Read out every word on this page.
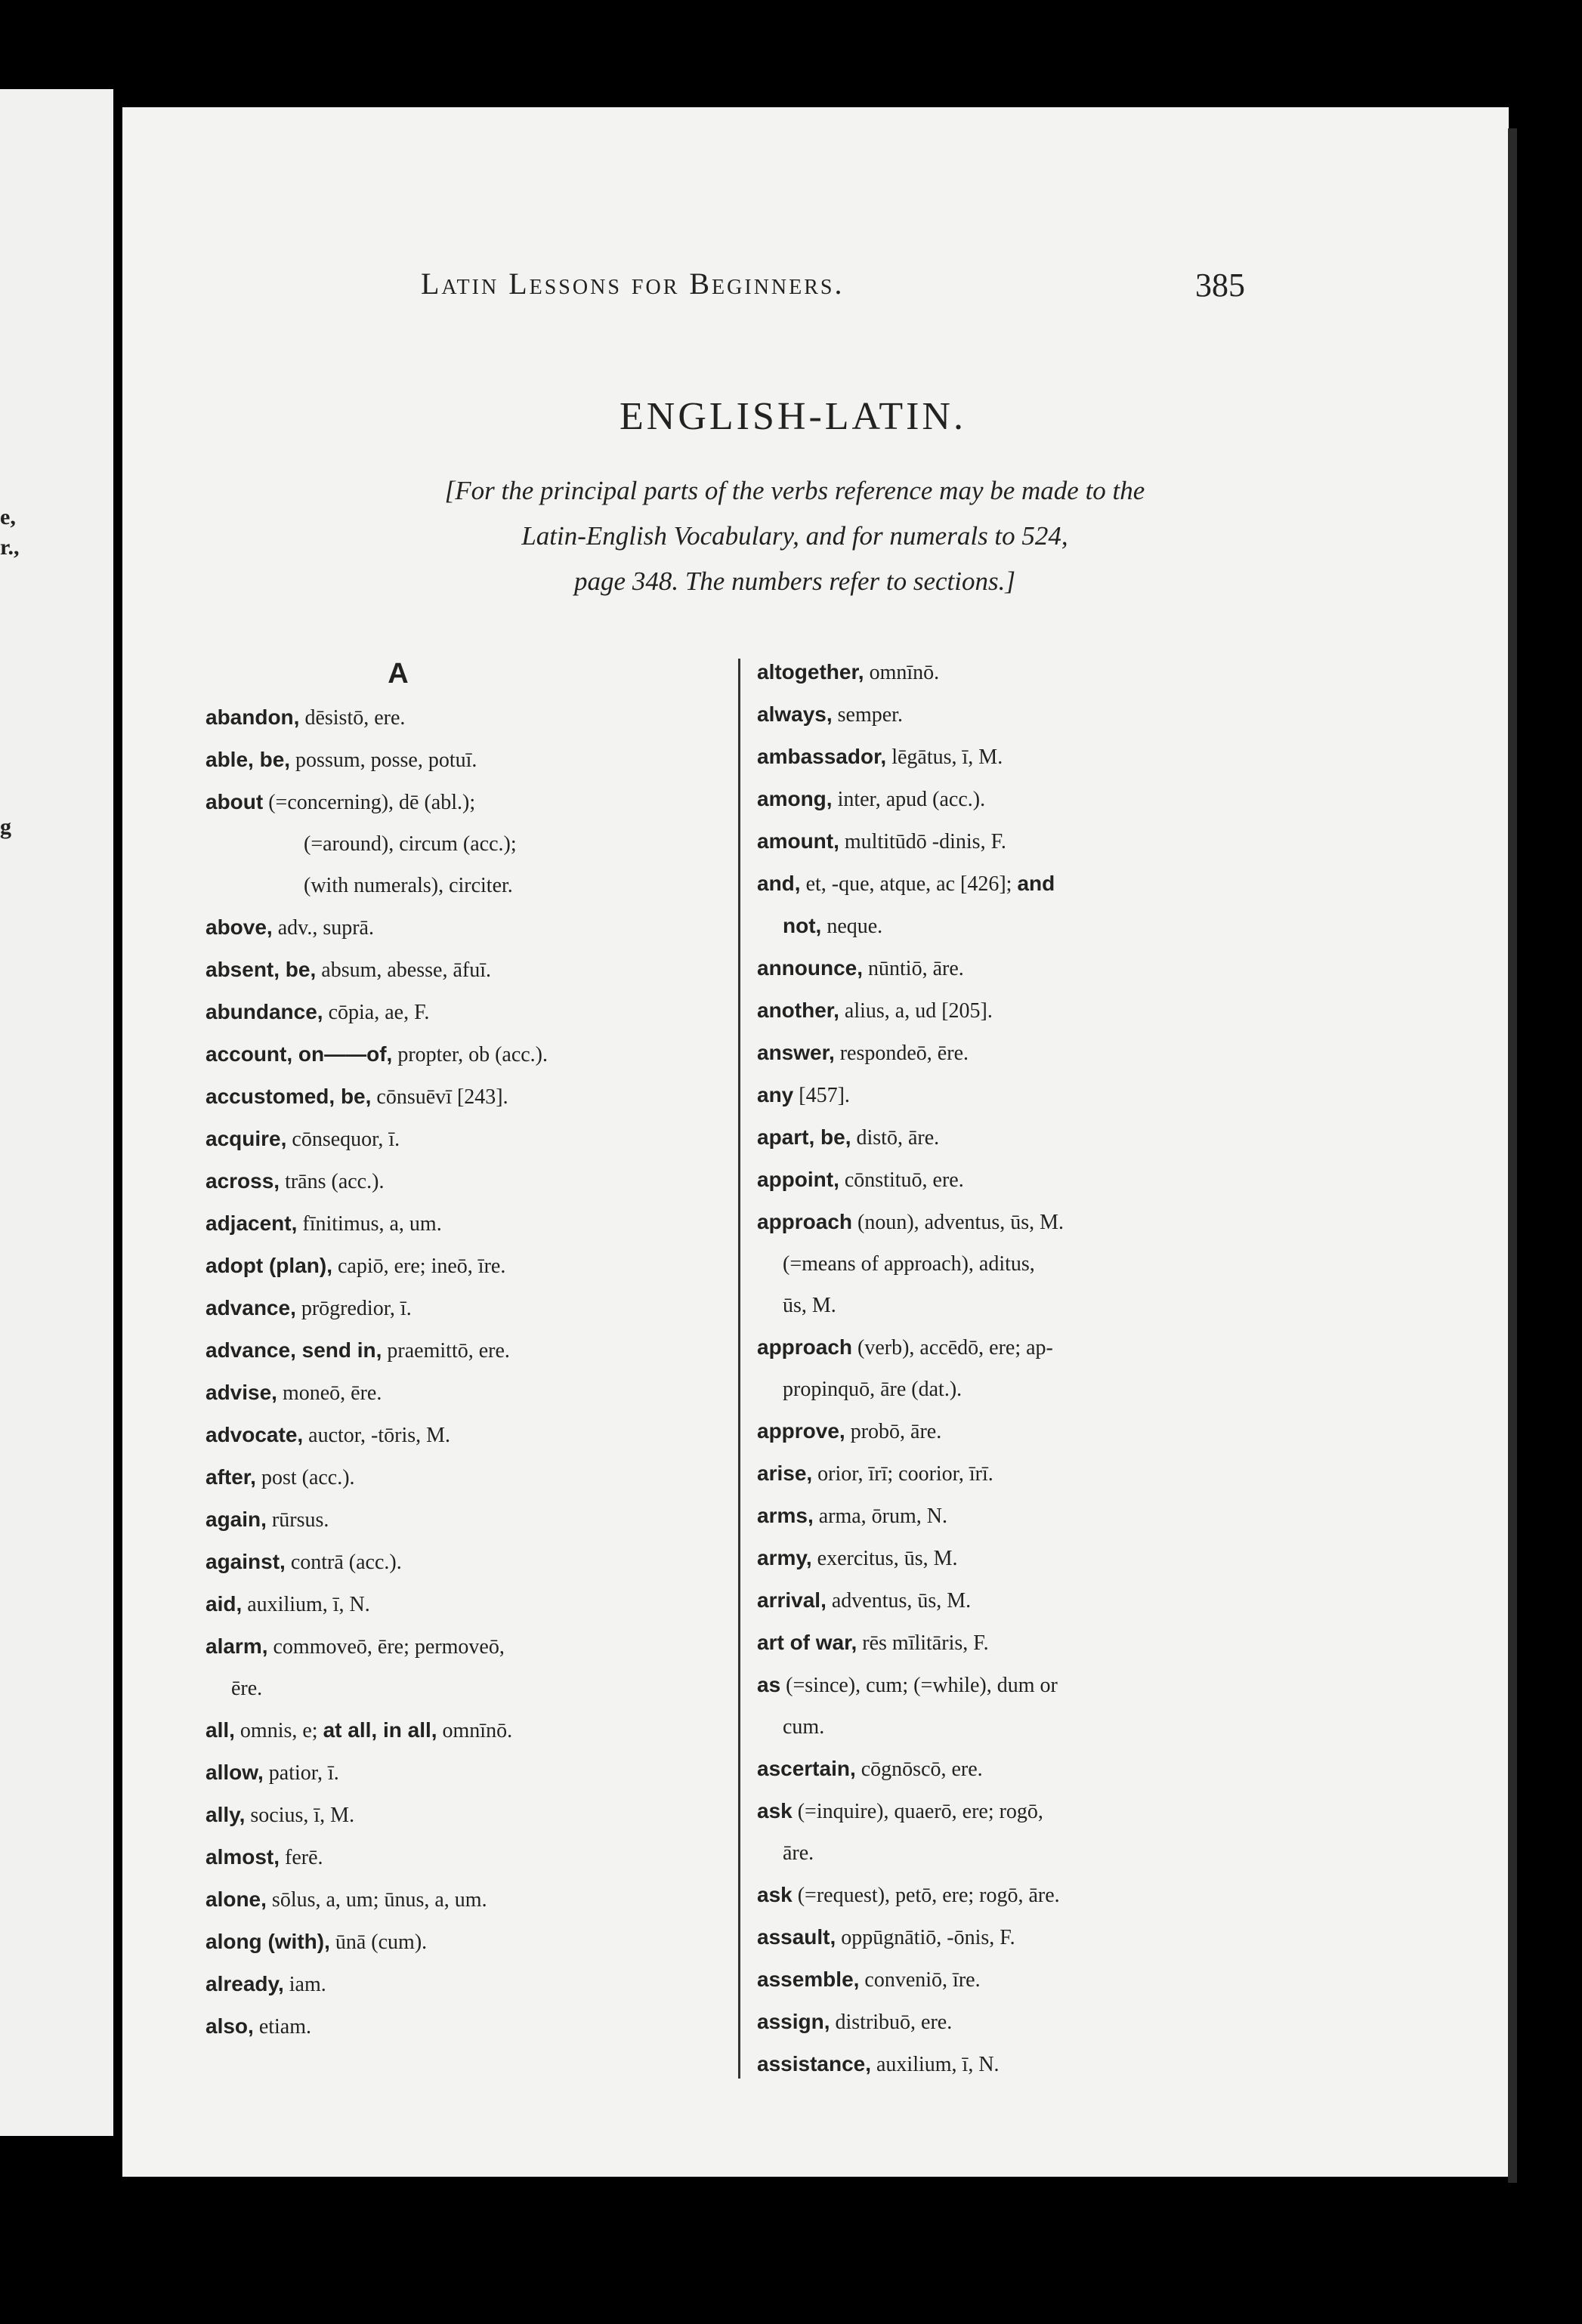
e,
r.,
g
Latin Lessons for Beginners.	385
ENGLISH-LATIN.
[For the principal parts of the verbs reference may be made to the
Latin-English Vocabulary, and for numerals to 524,
page 348. The numbers refer to sections.]
A
abandon, dēsistō, ere.
able, be, possum, posse, potuī.
about (=concerning), dē (abl.);
(=around), circum (acc.);
(with numerals), circiter.
above, adv., suprā.
absent, be, absum, abesse, āfuī.
abundance, cōpia, ae, F.
account, on——of, propter, ob (acc.).
accustomed, be, cōnsuēvī [243].
acquire, cōnsequor, ī.
across, trāns (acc.).
adjacent, fīnitimus, a, um.
adopt (plan), capiō, ere; ineō, īre.
advance, prōgredior, ī.
advance, send in, praemittō, ere.
advise, moneō, ēre.
advocate, auctor, -tōris, M.
after, post (acc.).
again, rūrsus.
against, contrā (acc.).
aid, auxilium, ī, N.
alarm, commoveō, ēre; permoveō,
ēre.
all, omnis, e; at all, in all, omnīnō.
allow, patior, ī.
ally, socius, ī, M.
almost, ferē.
alone, sōlus, a, um; ūnus, a, um.
along (with), ūnā (cum).
already, iam.
also, etiam.
altogether, omnīnō.
always, semper.
ambassador, lēgātus, ī, M.
among, inter, apud (acc.).
amount, multitūdō -dinis, F.
and, et, -que, atque, ac [426]; and
not, neque.
announce, nūntiō, āre.
another, alius, a, ud [205].
answer, respondeō, ēre.
any [457].
apart, be, distō, āre.
appoint, cōnstituō, ere.
approach (noun), adventus, ūs, M.
(=means of approach), aditus,
ūs, M.
approach (verb), accēdō, ere; ap-
propinquō, āre (dat.).
approve, probō, āre.
arise, orior, īrī; coorior, īrī.
arms, arma, ōrum, N.
army, exercitus, ūs, M.
arrival, adventus, ūs, M.
art of war, rēs mīlitāris, F.
as (=since), cum; (=while), dum or
cum.
ascertain, cōgnōscō, ere.
ask (=inquire), quaerō, ere; rogō,
āre.
ask (=request), petō, ere; rogō, āre.
assault, oppūgnātiō, -ōnis, F.
assemble, conveniō, īre.
assign, distribuō, ere.
assistance, auxilium, ī, N.
